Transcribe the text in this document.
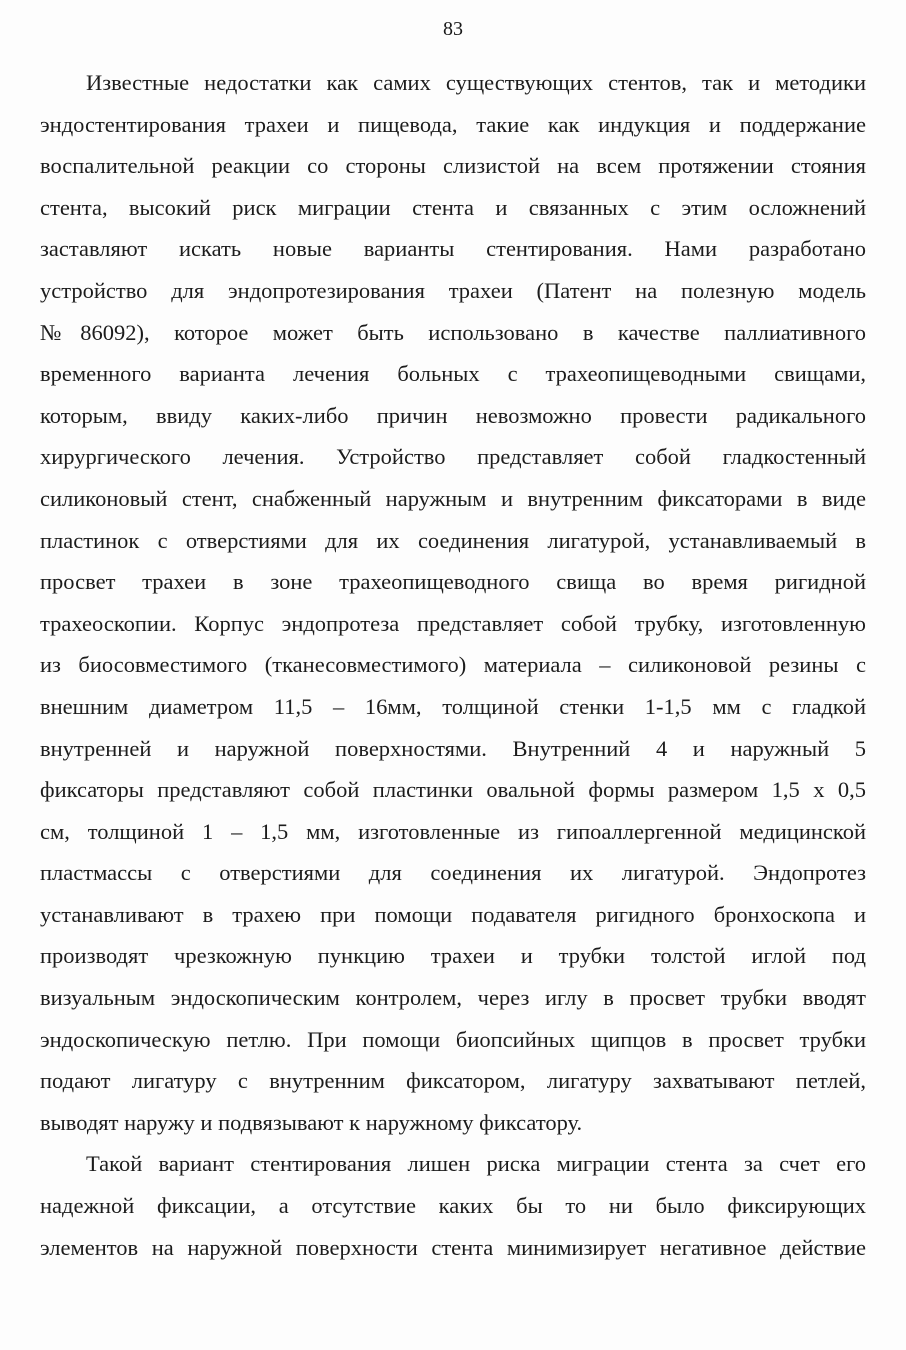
83
Известные недостатки как самих существующих стентов, так и методики
эндостентирования трахеи и пищевода, такие как индукция и поддержание
воспалительной реакции со стороны слизистой на всем протяжении стояния
стента, высокий риск миграции стента и связанных с этим осложнений
заставляют искать новые варианты стентирования. Нами разработано
устройство для эндопротезирования трахеи (Патент на полезную модель
№86092), которое может быть использовано в качестве паллиативного
временного варианта лечения больных с трахеопищеводными свищами,
которым, ввиду каких-либо причин невозможно провести радикального
хирургического лечения. Устройство представляет собой гладкостенный
силиконовый стент, снабженный наружным и внутренним фиксаторами в виде
пластинок с отверстиями для их соединения лигатурой, устанавливаемый в
просвет трахеи в зоне трахеопищеводного свища во время ригидной
трахеоскопии. Корпус эндопротеза представляет собой трубку, изготовленную
из биосовместимого (тканесовместимого) материала – силиконовой резины с
внешним диаметром 11,5 – 16мм, толщиной стенки 1-1,5 мм с гладкой
внутренней и наружной поверхностями. Внутренний 4 и наружный 5
фиксаторы представляют собой пластинки овальной формы размером 1,5 x 0,5
см, толщиной 1 – 1,5 мм, изготовленные из гипоаллергенной медицинской
пластмассы с отверстиями для соединения их лигатурой. Эндопротез
устанавливают в трахею при помощи подавателя ригидного бронхоскопа и
производят чрезкожную пункцию трахеи и трубки толстой иглой под
визуальным эндоскопическим контролем, через иглу в просвет трубки вводят
эндоскопическую петлю. При помощи биопсийных щипцов в просвет трубки
подают лигатуру с внутренним фиксатором, лигатуру захватывают петлей,
выводят наружу и подвязывают к наружному фиксатору.
Такой вариант стентирования лишен риска миграции стента за счет его
надежной фиксации, а отсутствие каких бы то ни было фиксирующих
элементов на наружной поверхности стента минимизирует негативное действие
